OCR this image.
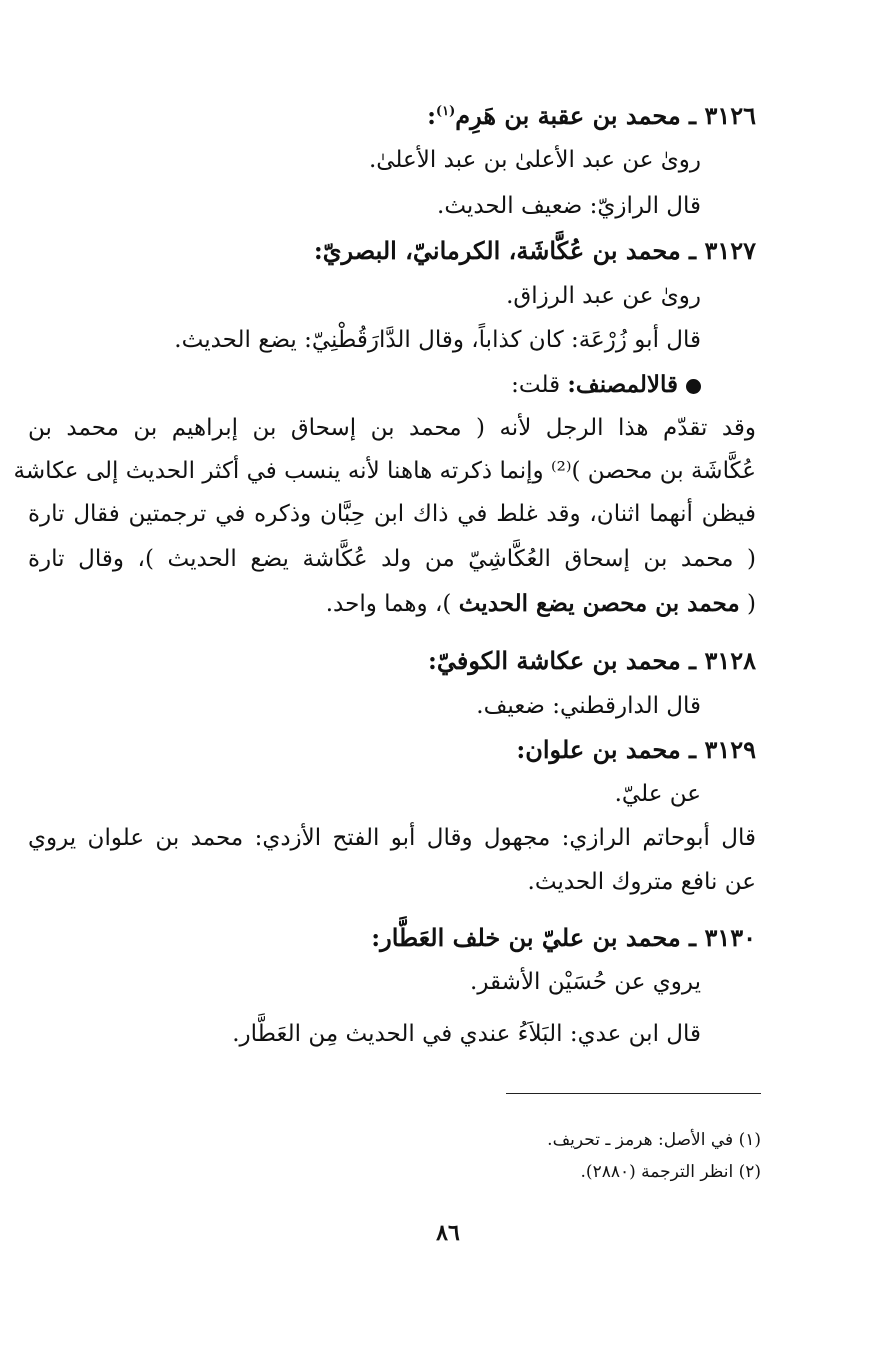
٣١٢٦ ـ محمد بن عقبة بن هَرِم$^{(١)}$:
رویٰ عن عبد الأعلیٰ بن عبد الأعلیٰ.
قال الرازيّ: ضعيف الحديث.
٣١٢٧ ـ محمد بن عُكَّاشَة، الكرمانيّ، البصريّ:
رویٰ عن عبد الرزاق.
قال أبو زُرْعَة: كان كذاباً، وقال الدَّارَقُطْنِيّ: يضع الحديث.
قالالمصنف: قلت:
وقد تقدّم هذا الرجل لأنه ( محمد بن إسحاق بن إبراهيم بن محمد بن
عُكَّاشَة بن محصن )⁽²⁾ وإنما ذكرته هاهنا لأنه ينسب في أكثر الحديث إلى عكاشة
فيظن أنهما اثنان، وقد غلط في ذاك ابن حِبَّان وذكره في ترجمتين فقال تارة
( محمد بن إسحاق العُكَّاشِيّ من ولد عُكَّاشة يضع الحديث )، وقال تارة
( محمد بن محصن يضع الحديث )، وهما واحد.
٣١٢٨ ـ محمد بن عكاشة الكوفيّ:
قال الدارقطني: ضعيف.
٣١٢٩ ـ محمد بن علوان:
عن عليّ.
قال أبوحاتم الرازي: مجهول وقال أبو الفتح الأزدي: محمد بن علوان يروي
عن نافع متروك الحديث.
٣١٣٠ ـ محمد بن عليّ بن خلف العَطَّار:
يروي عن حُسَيْن الأشقر.
قال ابن عدي: البَلاَءُ عندي في الحديث مِن العَطَّار.
(١) في الأصل: هرمز ـ تحريف.
(٢) انظر الترجمة (٢٨٨٠).
٨٦
